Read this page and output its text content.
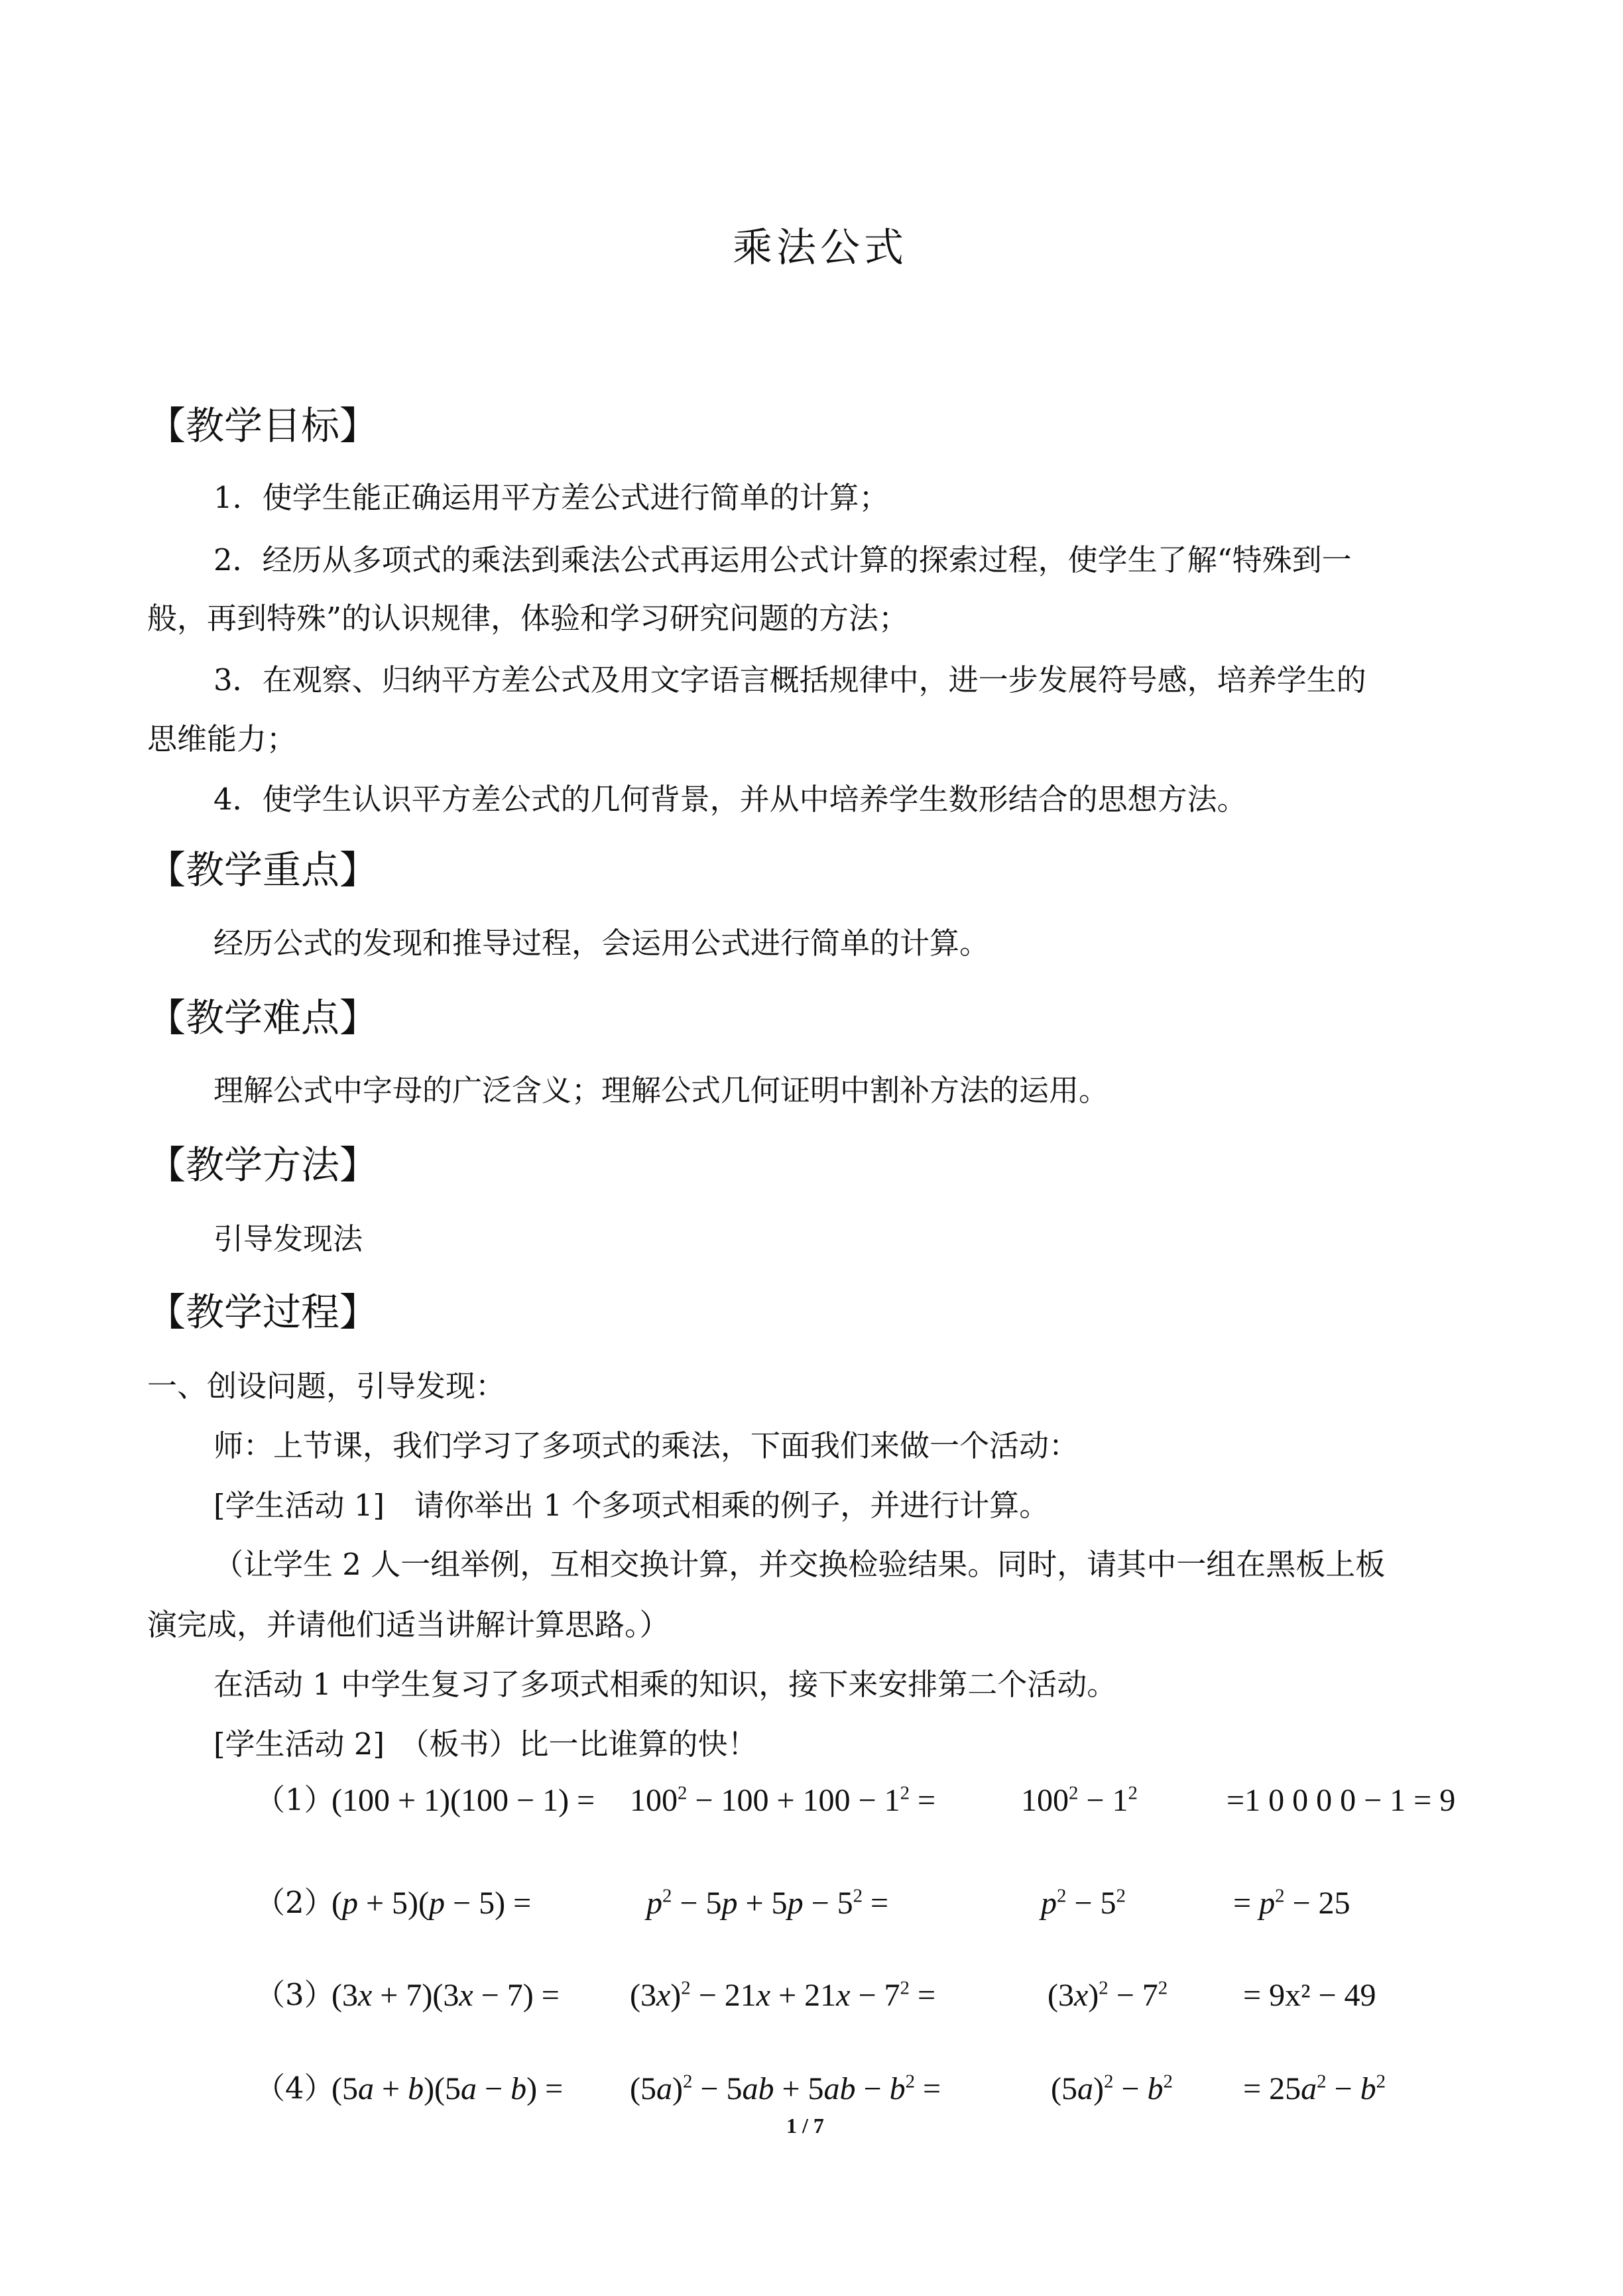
乘法公式
【教学目标】
1．使学生能正确运用平方差公式进行简单的计算；
2．经历从多项式的乘法到乘法公式再运用公式计算的探索过程，使学生了解“特殊到一
般，再到特殊”的认识规律，体验和学习研究问题的方法；
3．在观察、归纳平方差公式及用文字语言概括规律中，进一步发展符号感，培养学生的
思维能力；
4．使学生认识平方差公式的几何背景，并从中培养学生数形结合的思想方法。
【教学重点】
经历公式的发现和推导过程，会运用公式进行简单的计算。
【教学难点】
理解公式中字母的广泛含义；理解公式几何证明中割补方法的运用。
【教学方法】
引导发现法
【教学过程】
一、创设问题，引导发现：
师：上节课，我们学习了多项式的乘法，下面我们来做一个活动：
[学生活动 1]　请你举出 1 个多项式相乘的例子，并进行计算。
（让学生 2 人一组举例，互相交换计算，并交换检验结果。同时，请其中一组在黑板上板
演完成，并请他们适当讲解计算思路。）
在活动 1 中学生复习了多项式相乘的知识，接下来安排第二个活动。
[学生活动 2]　（板书）比一比谁算的快！
（1）
$(100 + 1)(100 - 1) = 100^2 - 100 + 100 - 1^2$ =	$100^2 - 1^2$	=1 0 0 0 0 − 1 = 9
（2）
(p + 5)(p − 5) =	$p^2 - 5p + 5p - 5^2$ =	$p^2 - 5^2$	= $p^2 - 25$
（3）
$(3x + 7)(3x - 7) = (3x)^2 - 21x + 21x - 7^2$ =	$(3x)^2 - 7^2 = 9x^2 - 49$
（4）
$(5a + b)(5a - b) = (5a)^2 - 5ab + 5ab - b^2$ =	$(5a)^2 - b^2 = 25a^2 - b^2$
1 / 7
